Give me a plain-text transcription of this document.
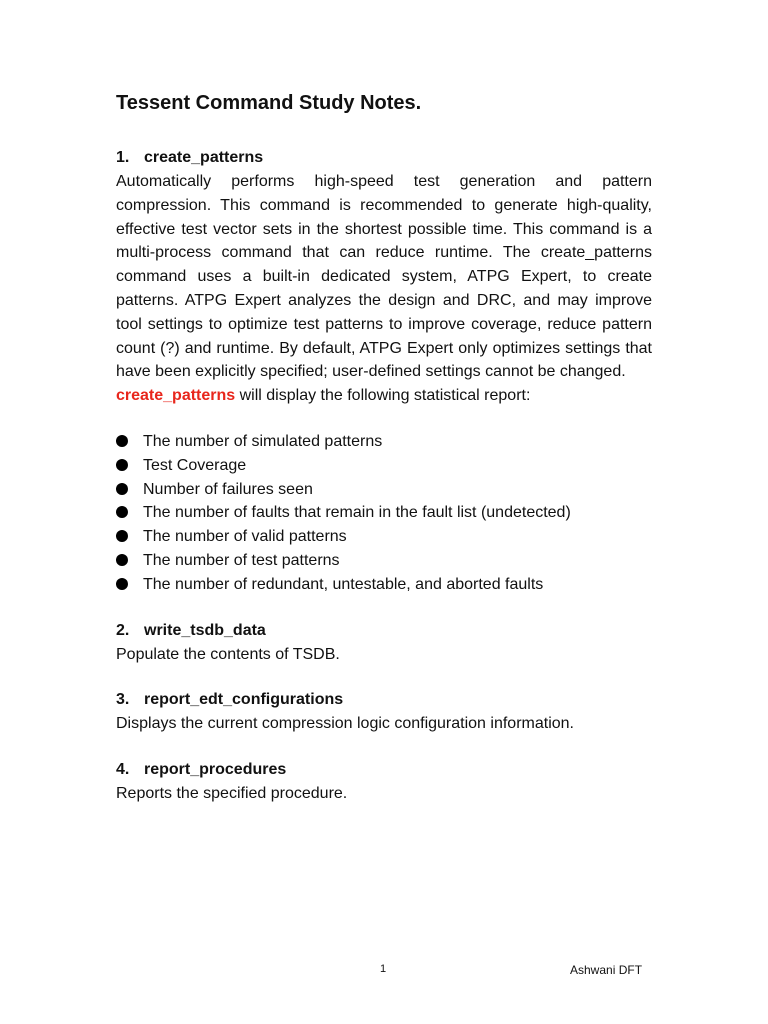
Tessent Command Study Notes.
1. create_patterns

Automatically performs high-speed test generation and pattern compression. This command is recommended to generate high-quality, effective test vector sets in the shortest possible time. This command is a multi-process command that can reduce runtime. The create_patterns command uses a built-in dedicated system, ATPG Expert, to create patterns. ATPG Expert analyzes the design and DRC, and may improve tool settings to optimize test patterns to improve coverage, reduce pattern count (?) and runtime. By default, ATPG Expert only optimizes settings that have been explicitly specified; user-defined settings cannot be changed.

create_patterns will display the following statistical report:

The number of simulated patterns
Test Coverage
Number of failures seen
The number of faults that remain in the fault list (undetected)
The number of valid patterns
The number of test patterns
The number of redundant, untestable, and aborted faults
2. write_tsdb_data

Populate the contents of TSDB.

3. report_edt_configurations

Displays the current compression logic configuration information.

4. report_procedures

Reports the specified procedure.

1	Ashwani DFT
